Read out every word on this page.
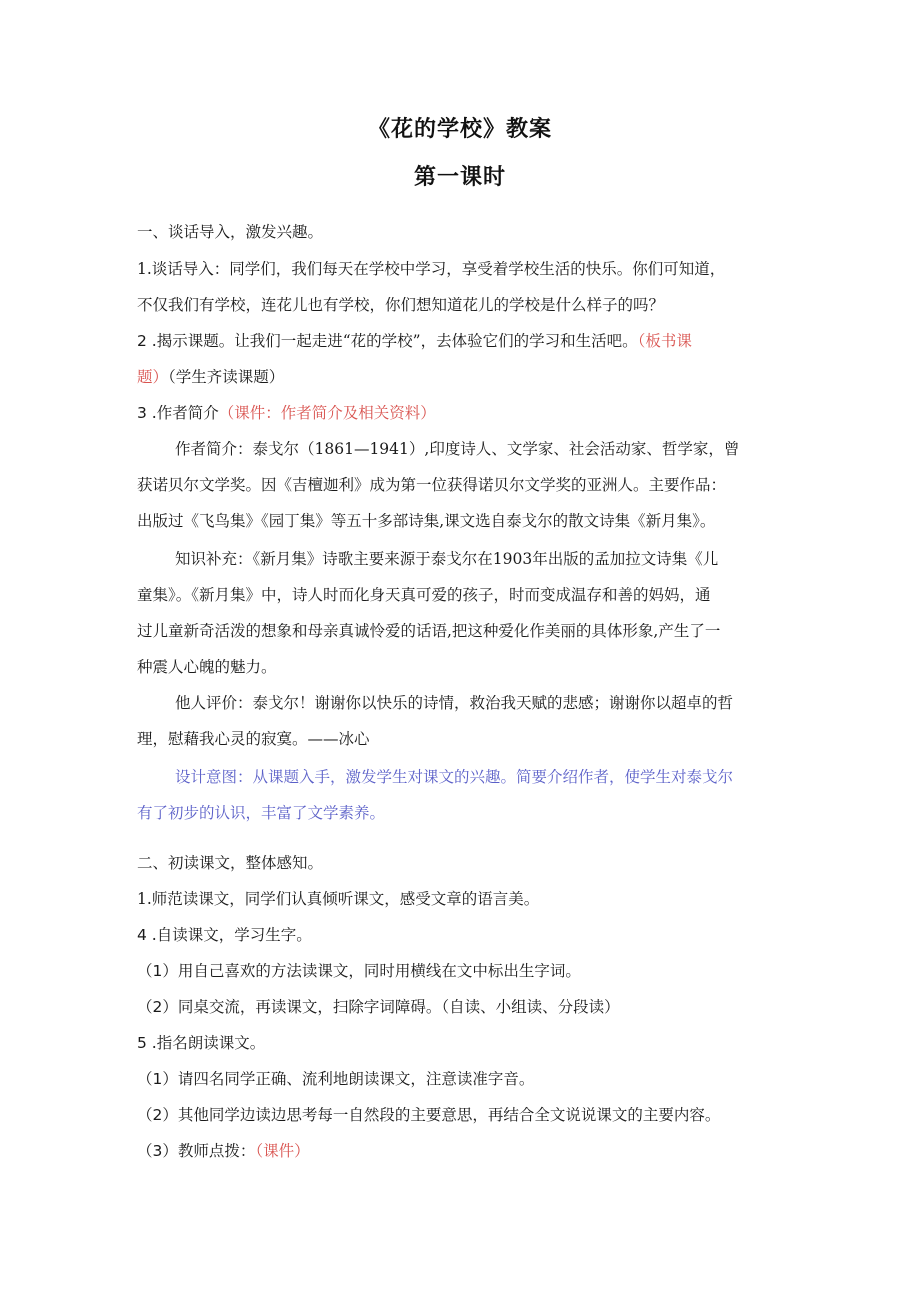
《花的学校》教案
第一课时
一、谈话导入，激发兴趣。
1.谈话导入：同学们，我们每天在学校中学习，享受着学校生活的快乐。你们可知道，
不仅我们有学校，连花儿也有学校，你们想知道花儿的学校是什么样子的吗？
2 .揭示课题。让我们一起走进“花的学校”，去体验它们的学习和生活吧。（板书课
题）（学生齐读课题）
3 .作者简介（课件：作者简介及相关资料）
作者简介：泰戈尔（1861—1941）,印度诗人、文学家、社会活动家、哲学家，曾
获诺贝尔文学奖。因《吉檀迦利》成为第一位获得诺贝尔文学奖的亚洲人。主要作品：
出版过《飞鸟集》《园丁集》等五十多部诗集,课文选自泰戈尔的散文诗集《新月集》。
知识补充：《新月集》诗歌主要来源于泰戈尔在1903年出版的孟加拉文诗集《儿
童集》。《新月集》中，诗人时而化身天真可爱的孩子，时而变成温存和善的妈妈，通
过儿童新奇活泼的想象和母亲真诚怜爱的话语,把这种爱化作美丽的具体形象,产生了一
种震人心魄的魅力。
他人评价：泰戈尔！谢谢你以快乐的诗情，救治我天赋的悲感；谢谢你以超卓的哲
理，慰藉我心灵的寂寞。——冰心
设计意图：从课题入手，激发学生对课文的兴趣。简要介绍作者，使学生对泰戈尔
有了初步的认识，丰富了文学素养。
二、初读课文，整体感知。
1.师范读课文，同学们认真倾听课文，感受文章的语言美。
4 .自读课文，学习生字。
（1）用自己喜欢的方法读课文，同时用横线在文中标出生字词。
（2）同桌交流，再读课文，扫除字词障碍。（自读、小组读、分段读）
5 .指名朗读课文。
（1）请四名同学正确、流利地朗读课文，注意读准字音。
（2）其他同学边读边思考每一自然段的主要意思，再结合全文说说课文的主要内容。
（3）教师点拨：（课件）
